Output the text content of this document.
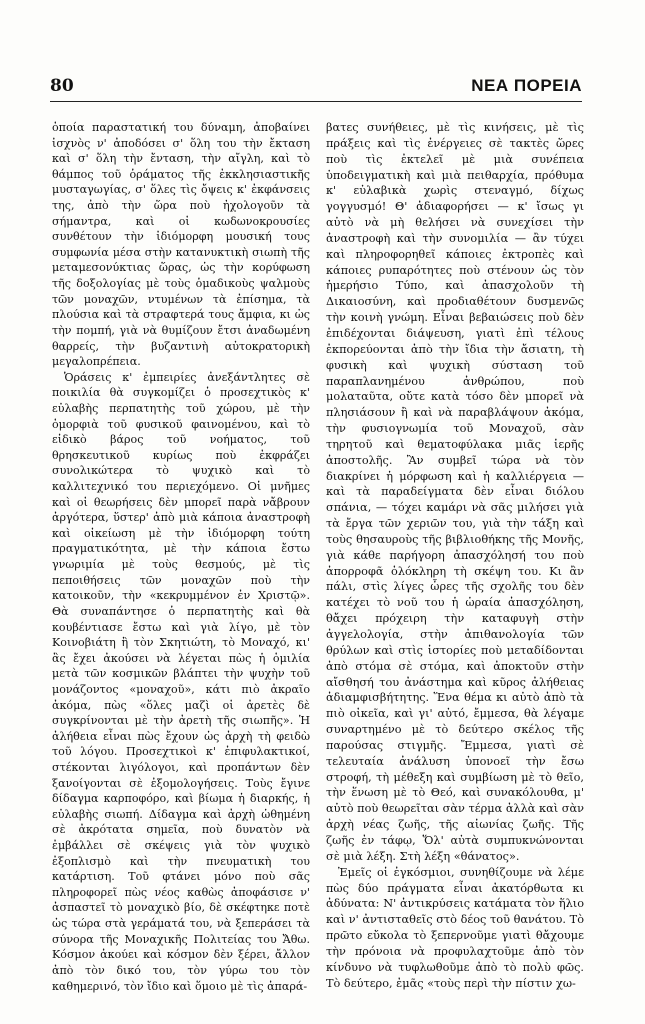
80	ΝΕΑ ΠΟΡΕΙΑ

ὁποία παραστατική του δύναμη, ἀποβαίνει ἰσχνὸς ν' ἀποδόσει σ' ὅλη του τὴν ἔκταση καὶ σ' ὅλη τὴν ἔνταση, τὴν αἴγλη, καὶ τὸ θάμπος τοῦ ὁράματος τῆς ἐκκλησιαστικῆς μυσταγωγίας, σ' ὅλες τὶς ὄψεις κ' ἐκφάνσεις της, ἀπὸ τὴν ὥρα ποὺ ἠχολογοῦν τὰ σήμαντρα, καὶ οἱ κωδωνοκρουσίες συνθέτουν τὴν ἰδιόμορφη μουσική τους συμφωνία μέσα στὴν κατανυκτικὴ σιωπὴ τῆς μεταμεσονύκτιας ὥρας, ὡς τὴν κορύφωση τῆς δοξολογίας μὲ τοὺς ὁμαδικοὺς ψαλμοὺς τῶν μοναχῶν, ντυμένων τὰ ἐπίσημα, τὰ πλούσια καὶ τὰ στραφτερά τους ἄμφια, κι ὡς τὴν πομπή, γιὰ νὰ θυμίζουν ἔτσι ἀναδωμένη θαρρείς, τὴν βυζαντινὴ αὐτοκρατορικὴ μεγαλοπρέπεια.

Ὁράσεις κ' ἐμπειρίες ἀνεξάντλητες σὲ ποικιλία θὰ συγκομίζει ὁ προσεχτικὸς κ' εὐλαβὴς περπατητὴς τοῦ χώρου, μὲ τὴν ὁμορφιὰ τοῦ φυσικοῦ φαινομένου, καὶ τὸ εἰδικὸ βάρος τοῦ νοήματος, τοῦ θρησκευτικοῦ κυρίως ποὺ ἐκφράζει συνολικώτερα τὸ ψυχικὸ καὶ τὸ καλλιτεχνικό του περιεχόμενο. Οἱ μνῆμες καὶ οἱ θεωρήσεις δὲν μπορεῖ παρὰ νἄβρουν ἀργότερα, ὕστερ' ἀπὸ μιὰ κάποια ἀναστροφὴ καὶ οἰκείωση μὲ τὴν ἰδιόμορφη τούτη πραγματικότητα, μὲ τὴν κάποια ἔστω γνωριμία μὲ τοὺς θεσμούς, μὲ τὶς πεποιθήσεις τῶν μοναχῶν ποὺ τὴν κατοικοῦν, τὴν «κεκρυμμένον ἐν Χριστῷ». Θὰ συναπάντησε ὁ περπατητὴς καὶ θὰ κουβέντιασε ἔστω καὶ γιὰ λίγο, μὲ τὸν Κοινοβιάτη ἢ τὸν Σκητιώτη, τὸ Μοναχό, κι' ἂς ἔχει ἀκούσει νὰ λέγεται πὼς ἡ ὁμιλία μετὰ τῶν κοσμικῶν βλάπτει τὴν ψυχὴν τοῦ μονάζοντος «μοναχοῦ», κάτι πιὸ ἀκραῖο ἀκόμα, πὼς «ὅλες μαζὶ οἱ ἀρετὲς δὲ συγκρίνονται μὲ τὴν ἀρετὴ τῆς σιωπῆς». Ἡ ἀλήθεια εἶναι πὼς ἔχουν ὡς ἀρχὴ τὴ φειδὼ τοῦ λόγου. Προσεχτικοὶ κ' ἐπιφυλακτικοί, στέκονται λιγόλογοι, καὶ προπάντων δὲν ξανοίγονται σὲ ἐξομολογήσεις. Τοὺς ἔγινε δίδαγμα καρποφόρο, καὶ βίωμα ἡ διαρκής, ἡ εὐλαβὴς σιωπή. Δίδαγμα καὶ ἀρχὴ ὡθημένη σὲ ἀκρότατα σημεῖα, ποὺ δυνατὸν νὰ ἐμβάλλει σὲ σκέψεις γιὰ τὸν ψυχικὸ ἐξοπλισμὸ καὶ τὴν πνευματικὴ του κατάρτιση. Τοῦ φτάνει μόνο ποὺ σᾶς πληροφορεῖ πὼς νέος καθὼς ἀποφάσισε ν' ἀσπαστεῖ τὸ μοναχικὸ βίο, δὲ σκέφτηκε ποτὲ ὡς τώρα στὰ γεράματά του, νὰ ξεπεράσει τὰ σύνορα τῆς Μοναχικῆς Πολιτείας του Ἄθω. Κόσμον ἀκούει καὶ κόσμον δὲν ξέρει, ἄλλον ἀπὸ τὸν δικό του, τὸν γύρω του τὸν καθημερινό, τὸν ἴδιο καὶ ὅμοιο μὲ τὶς ἀπαρά-

βατες συνήθειες, μὲ τὶς κινήσεις, μὲ τὶς πράξεις καὶ τὶς ἐνέργειες σὲ τακτὲς ὥρες ποὺ τὶς ἐκτελεῖ μὲ μιὰ συνέπεια ὑποδειγματικὴ καὶ μιὰ πειθαρχία, πρόθυμα κ' εὐλαβικὰ χωρὶς στεναγμό, δίχως γογγυσμό! Θ' ἀδιαφορήσει — κ' ἴσως γι αὐτὸ νὰ μὴ θελήσει νὰ συνεχίσει τὴν ἀναστροφὴ καὶ τὴν συνομιλία — ἂν τύχει καὶ πληροφορηθεῖ κάποιες ἐκτροπὲς καὶ κάποιες ρυπαρότητες ποὺ στένουν ὡς τὸν ἡμερήσιο Τύπο, καὶ ἀπασχολοῦν τὴ Δικαιοσύνη, καὶ προδιαθέτουν δυσμενῶς τὴν κοινὴ γνώμη. Εἶναι βεβαιώσεις ποὺ δὲν ἐπιδέχονται διάψευση, γιατὶ ἐπὶ τέλους ἐκπορεύονται ἀπὸ τὴν ἴδια τὴν ἄσιατη, τὴ φυσικὴ καὶ ψυχικὴ σύσταση τοῦ παραπλανημένου ἀνθρώπου, ποὺ μολαταῦτα, οὔτε κατὰ τόσο δὲν μπορεῖ νὰ πλησιάσουν ἢ καὶ νὰ παραβλάψουν ἀκόμα, τὴν φυσιογνωμία τοῦ Μοναχοῦ, σὰν τηρητοῦ καὶ θεματοφύλακα μιᾶς ἱερῆς ἀποστολῆς. Ἂν συμβεῖ τώρα νὰ τὸν διακρίνει ἡ μόρφωση καὶ ἡ καλλιέργεια — καὶ τὰ παραδείγματα δὲν εἶναι διόλου σπάνια, — τόχει καμάρι νὰ σᾶς μιλήσει γιὰ τὰ ἔργα τῶν χεριῶν του, γιὰ τὴν τάξη καὶ τοὺς θησαυροὺς τῆς βιβλιοθήκης τῆς Μονῆς, γιὰ κάθε παρήγορη ἀπασχόλησή του ποὺ ἀπορροφᾶ ὁλόκληρη τὴ σκέψη του. Κι ἂν πάλι, στὶς λίγες ὧρες τῆς σχολῆς του δὲν κατέχει τὸ νοῦ του ἡ ὡραία ἀπασχόληση, θἄχει πρόχειρη τὴν καταφυγὴ στὴν ἀγγελολογία, στὴν ἀπιθανολογία τῶν θρύλων καὶ στὶς ἱστορίες ποὺ μεταδίδονται ἀπὸ στόμα σὲ στόμα, καὶ ἀποκτοῦν στὴν αἴσθησή του ἀνάστημα καὶ κῦρος ἀλήθειας ἀδιαμφισβήτητης. Ἕνα θέμα κι αὐτὸ ἀπὸ τὰ πιὸ οἰκεῖα, καὶ γι' αὐτό, ἔμμεσα, θὰ λέγαμε συναρτημένο μὲ τὸ δεύτερο σκέλος τῆς παρούσας στιγμῆς. Ἔμμεσα, γιατὶ σὲ τελευταία ἀνάλυση ὑπονοεῖ τὴν ἔσω στροφή, τὴ μέθεξη καὶ συμβίωση μὲ τὸ θεῖο, τὴν ἕνωση μὲ τὸ Θεό, καὶ συνακόλουθα, μ' αὐτὸ ποὺ θεωρεῖται σὰν τέρμα ἀλλὰ καὶ σὰν ἀρχὴ νέας ζωῆς, τῆς αἰωνίας ζωῆς. Τῆς ζωῆς ἐν τάφῳ, Ὅλ' αὐτὰ συμπυκνώνονται σὲ μιὰ λέξη. Στὴ λέξη «θάνατος».

Ἐμεῖς οἱ ἐγκόσμιοι, συνηθίζουμε νὰ λέμε πὼς δύο πράγματα εἶναι ἀκατόρθωτα κι ἀδύνατα: Ν' ἀντικρύσεις κατάματα τὸν ἥλιο καὶ ν' ἀντισταθεῖς στὸ δέος τοῦ θανάτου. Τὸ πρῶτο εὔκολα τὸ ξεπερνοῦμε γιατὶ θἄχουμε τὴν πρόνοια νὰ προφυλαχτοῦμε ἀπὸ τὸν κίνδυνο νὰ τυφλωθοῦμε ἀπὸ τὸ πολὺ φῶς. Τὸ δεύτερο, ἐμᾶς «τοὺς περὶ τὴν πίστιν χω-
